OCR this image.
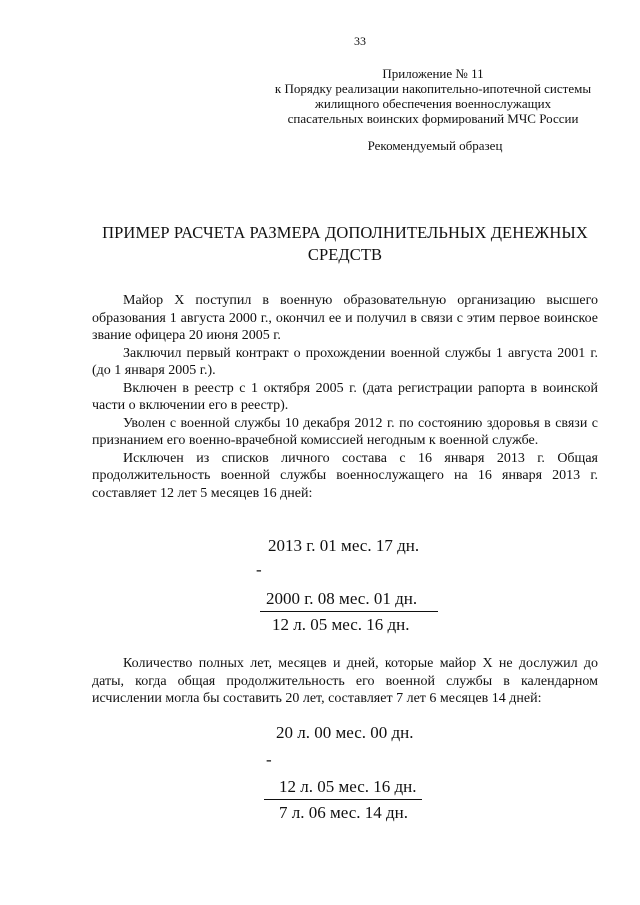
33
Приложение № 11
к Порядку реализации накопительно-ипотечной системы
жилищного обеспечения военнослужащих
спасательных воинских формирований МЧС России
Рекомендуемый образец
ПРИМЕР РАСЧЕТА РАЗМЕРА ДОПОЛНИТЕЛЬНЫХ ДЕНЕЖНЫХ СРЕДСТВ

Майор Х поступил в военную образовательную организацию высшего образования 1 августа 2000 г., окончил ее и получил в связи с этим первое воинское звание офицера 20 июня 2005 г.

Заключил первый контракт о прохождении военной службы 1 августа 2001 г. (до 1 января 2005 г.).

Включен в реестр с 1 октября 2005 г. (дата регистрации рапорта в воинской части о включении его в реестр).

Уволен с военной службы 10 декабря 2012 г. по состоянию здоровья в связи с признанием его военно-врачебной комиссией негодным к военной службе.

Исключен из списков личного состава с 16 января 2013 г. Общая продолжительность военной службы военнослужащего на 16 января 2013 г. составляет 12 лет 5 месяцев 16 дней:

2013 г. 01 мес. 17 дн.
-
2000 г. 08 мес. 01 дн.
12 л. 05 мес. 16 дн.

Количество полных лет, месяцев и дней, которые майор Х не дослужил до даты, когда общая продолжительность его военной службы в календарном исчислении могла бы составить 20 лет, составляет 7 лет 6 месяцев 14 дней:

20 л. 00 мес. 00 дн.
-
12 л. 05 мес. 16 дн.
7 л. 06 мес. 14 дн.
